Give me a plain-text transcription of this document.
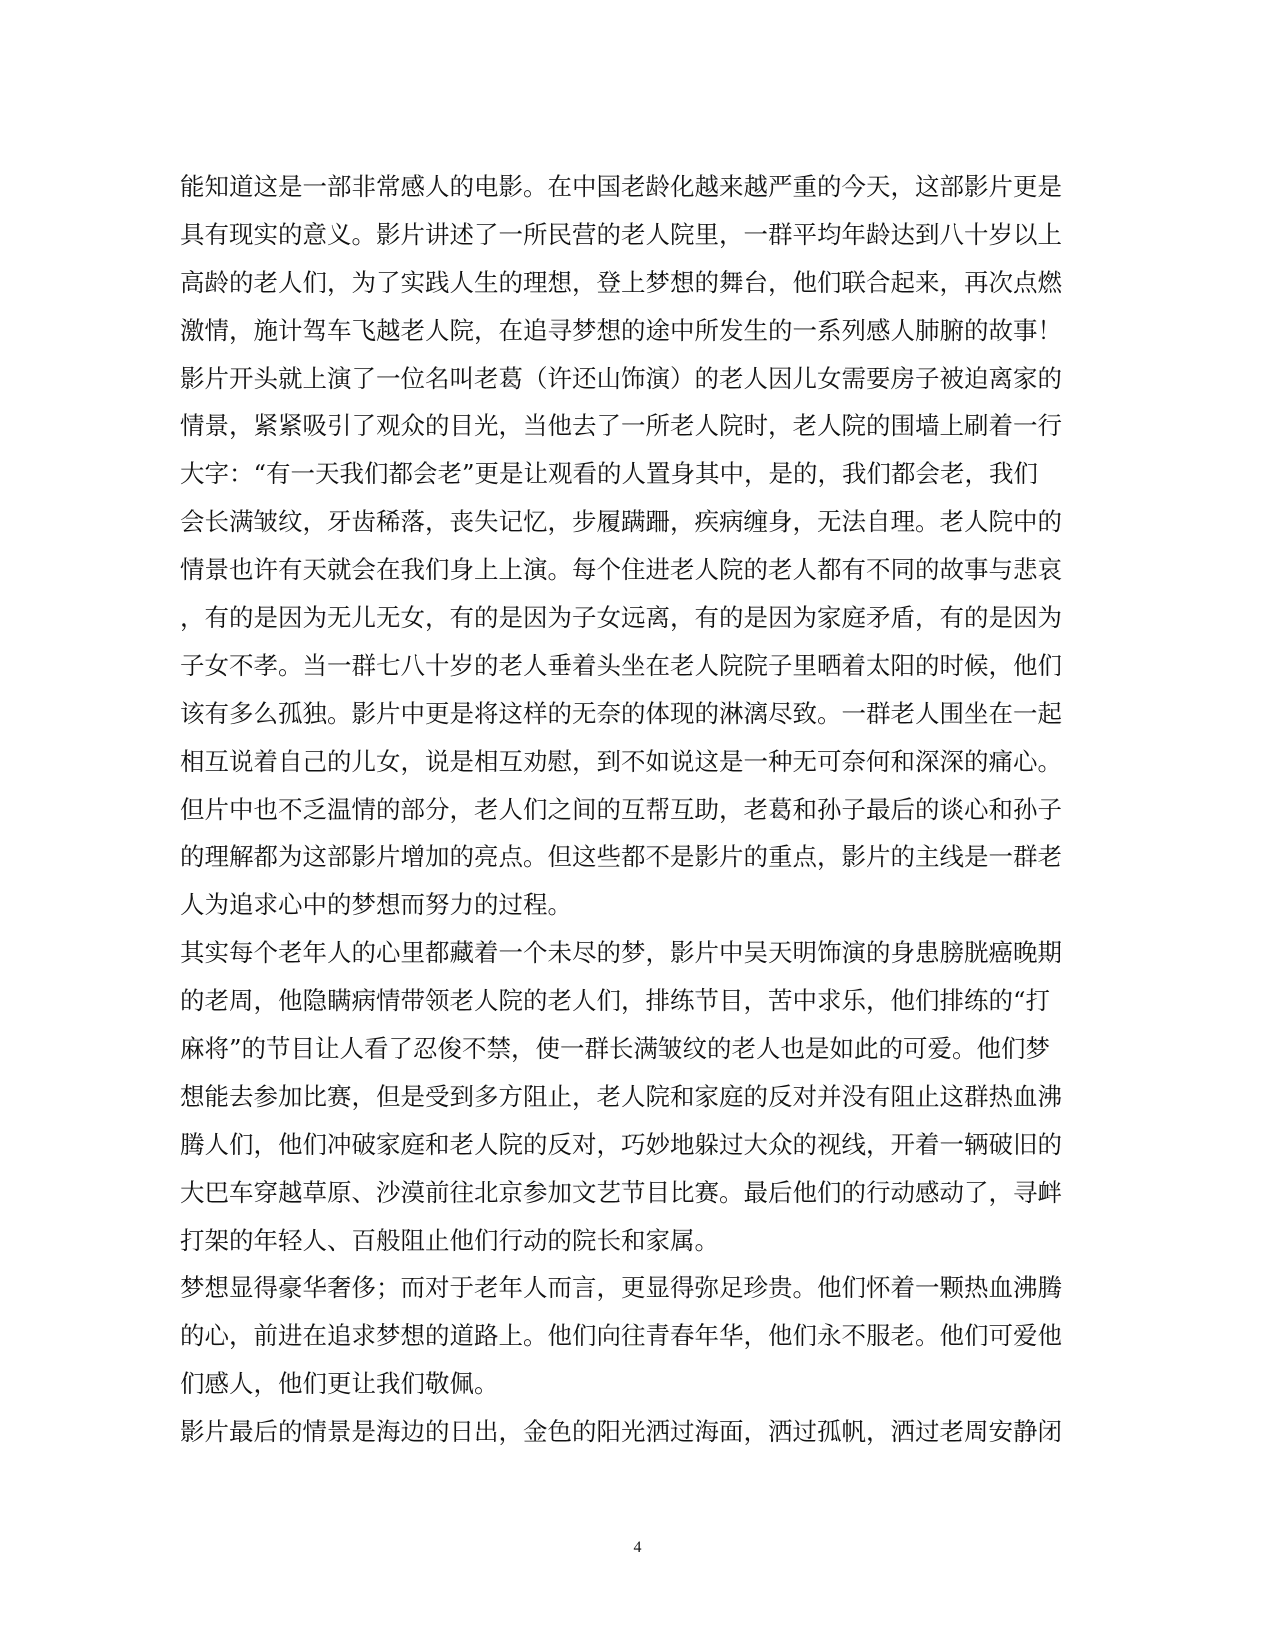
能知道这是一部非常感人的电影。在中国老龄化越来越严重的今天，这部影片更是
具有现实的意义。影片讲述了一所民营的老人院里，一群平均年龄达到八十岁以上
高龄的老人们，为了实践人生的理想，登上梦想的舞台，他们联合起来，再次点燃
激情，施计驾车飞越老人院，在追寻梦想的途中所发生的一系列感人肺腑的故事！
影片开头就上演了一位名叫老葛（许还山饰演）的老人因儿女需要房子被迫离家的
情景，紧紧吸引了观众的目光，当他去了一所老人院时，老人院的围墙上刷着一行
大字：“有一天我们都会老”更是让观看的人置身其中，是的，我们都会老，我们
会长满皱纹，牙齿稀落，丧失记忆，步履蹒跚，疾病缠身，无法自理。老人院中的
情景也许有天就会在我们身上上演。每个住进老人院的老人都有不同的故事与悲哀
，有的是因为无儿无女，有的是因为子女远离，有的是因为家庭矛盾，有的是因为
子女不孝。当一群七八十岁的老人垂着头坐在老人院院子里晒着太阳的时候，他们
该有多么孤独。影片中更是将这样的无奈的体现的淋漓尽致。一群老人围坐在一起
相互说着自己的儿女，说是相互劝慰，到不如说这是一种无可奈何和深深的痛心。
但片中也不乏温情的部分，老人们之间的互帮互助，老葛和孙子最后的谈心和孙子
的理解都为这部影片增加的亮点。但这些都不是影片的重点，影片的主线是一群老
人为追求心中的梦想而努力的过程。
其实每个老年人的心里都藏着一个未尽的梦，影片中吴天明饰演的身患膀胱癌晚期
的老周，他隐瞒病情带领老人院的老人们，排练节目，苦中求乐，他们排练的“打
麻将”的节目让人看了忍俊不禁，使一群长满皱纹的老人也是如此的可爱。他们梦
想能去参加比赛，但是受到多方阻止，老人院和家庭的反对并没有阻止这群热血沸
腾人们，他们冲破家庭和老人院的反对，巧妙地躲过大众的视线，开着一辆破旧的
大巴车穿越草原、沙漠前往北京参加文艺节目比赛。最后他们的行动感动了，寻衅
打架的年轻人、百般阻止他们行动的院长和家属。
梦想显得豪华奢侈；而对于老年人而言，更显得弥足珍贵。他们怀着一颗热血沸腾
的心，前进在追求梦想的道路上。他们向往青春年华，他们永不服老。他们可爱他
们感人，他们更让我们敬佩。
影片最后的情景是海边的日出，金色的阳光洒过海面，洒过孤帆，洒过老周安静闭
4
